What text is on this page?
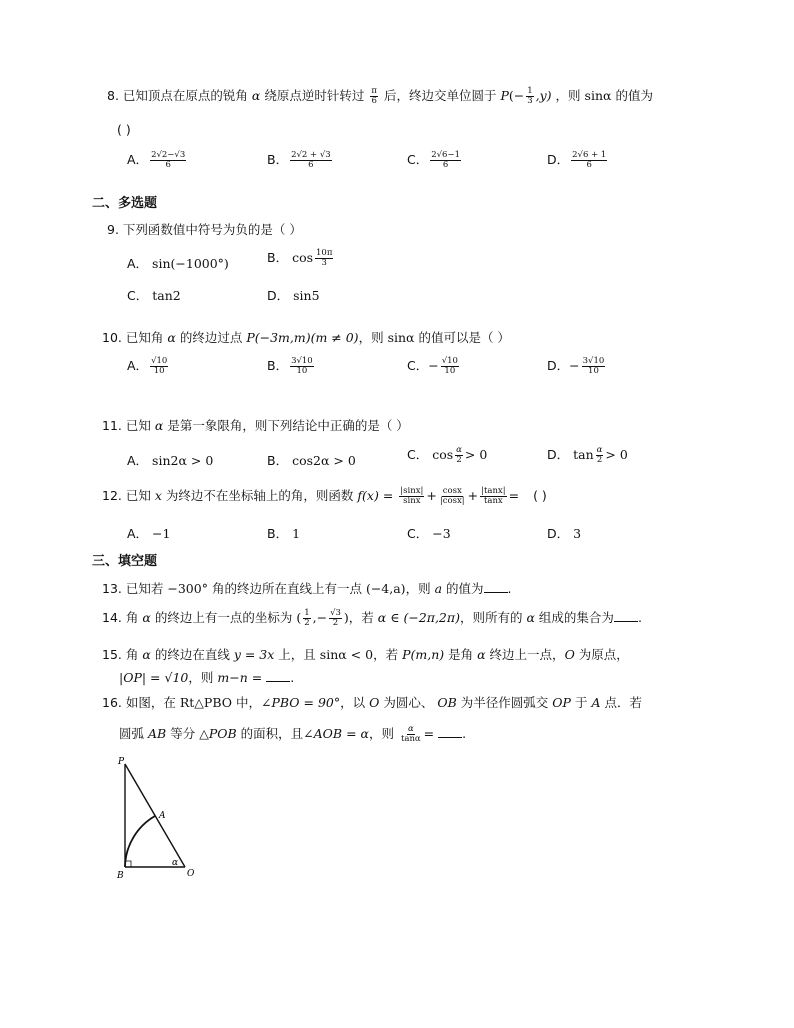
8. 已知顶点在原点的锐角 α 绕原点逆时针转过 $\frac{\pi}{6}$ 后，终边交单位圆于 $P(- \frac{1}{3} ,y)$ ，则 sinα 的值为
( )
A． $\frac{2√2-√3}{6}$	B． $\frac{2√2 + √3}{6}$	C． $\frac{2√6-1}{6}$	D． $\frac{2√6 + 1}{6}$
二、多选题
9. 下列函数值中符号为负的是（ ）
A． sin(−1000°)	B． $\cos \frac{10\pi}{3}$
C． tan2	D． sin5
10. 已知角 α 的终边过点 P(−3m,m)(m ≠ 0)，则 sinα 的值可以是（ ）
A． $\frac{√10}{10}$	B． $\frac{3√10}{10}$	C．− $\frac{√10}{10}$	D．− $\frac{3√10}{10}$
11. 已知 α 是第一象限角，则下列结论中正确的是（ ）
A． sin2α > 0	B． cos2α > 0	C． $\cos \frac{\alpha}{2} > 0$	D． $\tan \frac{\alpha}{2} > 0$
12. 已知 x 为终边不在坐标轴上的角，则函数 $f(x) = \frac{|\sin x|}{\sin x} + \frac{\cos x}{|\cos x|} + \frac{|\tan x|}{\tan x}$ = ( )
A． −1	B． 1	C． −3	D． 3
三、填空题
13. 已知若 −300° 角的终边所在直线上有一点 (−4,a)，则 a 的值为 .
14. 角 α 的终边上有一点的坐标为 ( $\frac{1}{2}$ ,− $\frac{√3}{2}$ )，若 α ∈ (−2π,2π)，则所有的 α 组成的集合为 .
15. 角 α 的终边在直线 y = 3x 上，且 sinα < 0，若 P(m,n) 是角 α 终边上一点，O 为原点，
|OP| = √10，则 m−n = .
16. 如图，在 Rt△PBO 中，∠PBO = 90°，以 O 为圆心、 OB 为半径作圆弧交 OP 于 A 点．若
圆弧 AB 等分 △POB 的面积，且∠AOB = α，则 $\frac{\alpha}{\tan\alpha}$ = .
P
A
B	O
α
